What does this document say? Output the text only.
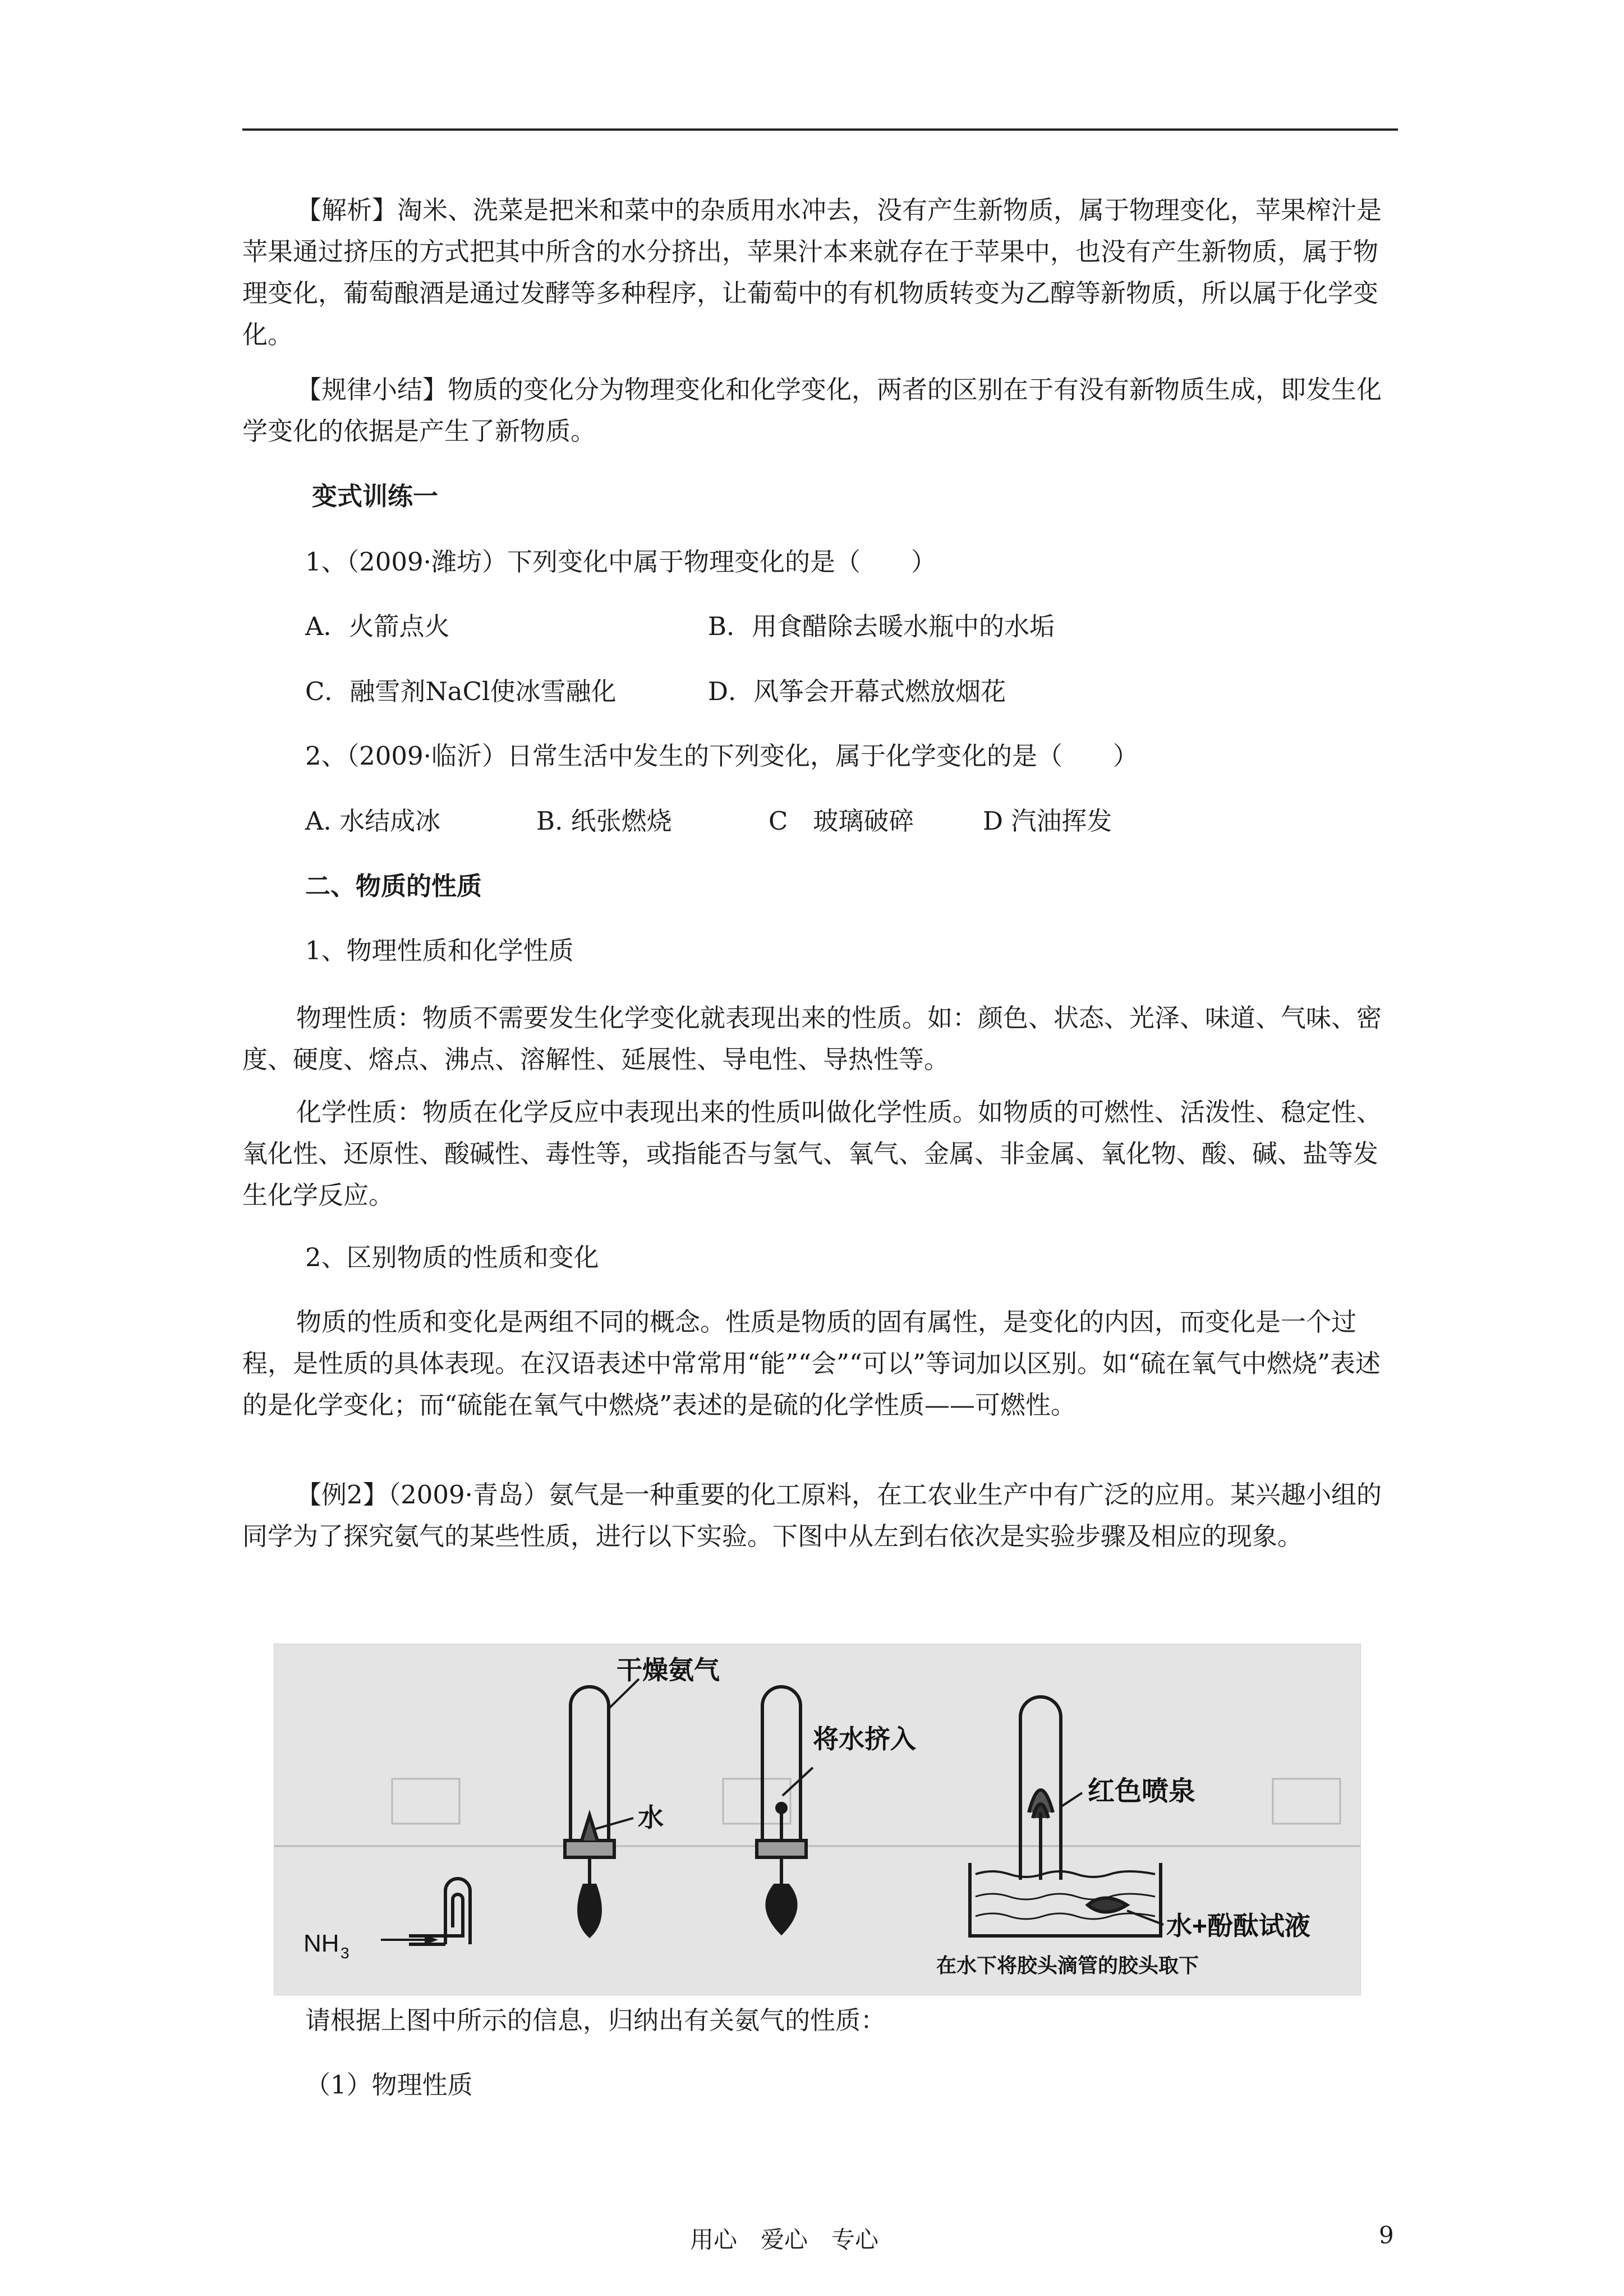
【解析】淘米、洗菜是把米和菜中的杂质用水冲去，没有产生新物质，属于物理变化，苹果榨汁是苹果通过挤压的方式把其中所含的水分挤出，苹果汁本来就存在于苹果中，也没有产生新物质，属于物理变化，葡萄酿酒是通过发酵等多种程序，让葡萄中的有机物质转变为乙醇等新物质，所以属于化学变化。

【规律小结】物质的变化分为物理变化和化学变化，两者的区别在于有没有新物质生成，即发生化学变化的依据是产生了新物质。

变式训练一

1、（2009·潍坊）下列变化中属于物理变化的是（　　）

A．火箭点火	B．用食醋除去暖水瓶中的水垢

C．融雪剂NaCl使冰雪融化	D．风筝会开幕式燃放烟花

2、（2009·临沂）日常生活中发生的下列变化，属于化学变化的是（　　）

A. 水结成冰	B. 纸张燃烧	C　玻璃破碎	D 汽油挥发

二、物质的性质

1、物理性质和化学性质

物理性质：物质不需要发生化学变化就表现出来的性质。如：颜色、状态、光泽、味道、气味、密度、硬度、熔点、沸点、溶解性、延展性、导电性、导热性等。

化学性质：物质在化学反应中表现出来的性质叫做化学性质。如物质的可燃性、活泼性、稳定性、氧化性、还原性、酸碱性、毒性等，或指能否与氢气、氧气、金属、非金属、氧化物、酸、碱、盐等发生化学反应。

2、区别物质的性质和变化

物质的性质和变化是两组不同的概念。性质是物质的固有属性，是变化的内因，而变化是一个过程，是性质的具体表现。在汉语表述中常常用“能”“会”“可以”等词加以区别。如“硫在氧气中燃烧”表述的是化学变化；而“硫能在氧气中燃烧”表述的是硫的化学性质——可燃性。

【例2】（2009·青岛）氨气是一种重要的化工原料，在工农业生产中有广泛的应用。某兴趣小组的同学为了探究氨气的某些性质，进行以下实验。下图中从左到右依次是实验步骤及相应的现象。

NH 3
干燥氨气
水
将水挤入
红色喷泉
水+酚酞试液
在水下将胶头滴管的胶头取下

请根据上图中所示的信息，归纳出有关氨气的性质：

（1）物理性质

用心　爱心　专心	9
